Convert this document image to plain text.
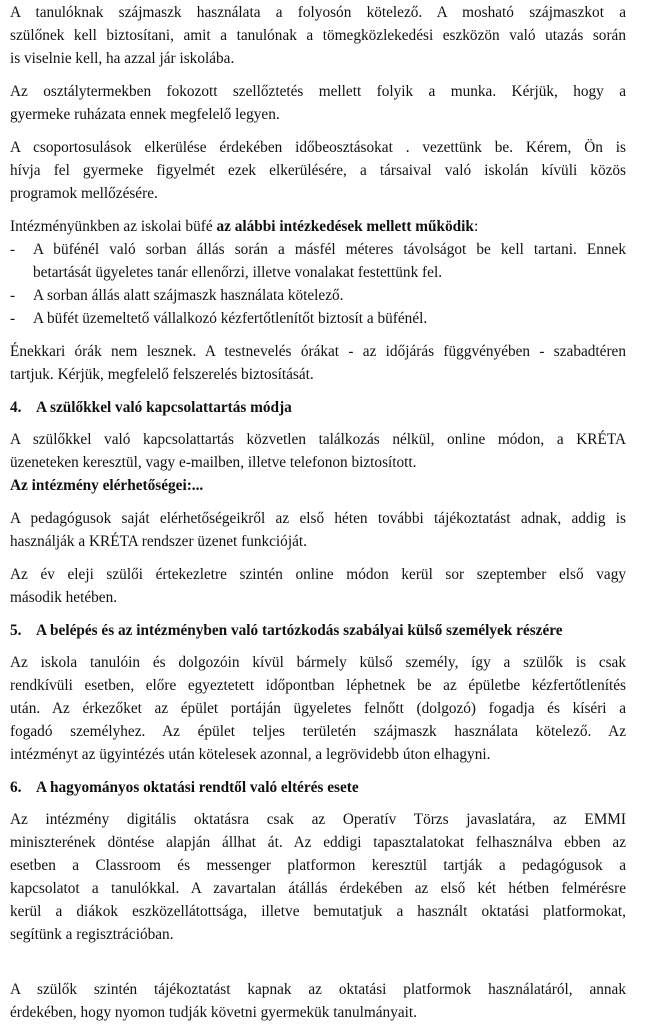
A tanulóknak szájmaszk használata a folyosón kötelező. A mosható szájmaszkot a
szülőnek kell biztosítani, amit a tanulónak a tömegközlekedési eszközön való utazás során
is viselnie kell, ha azzal jár iskolába.

Az osztálytermekben fokozott szellőztetés mellett folyik a munka. Kérjük, hogy a
gyermeke ruházata ennek megfelelő legyen.

A csoportosulások elkerülése érdekében időbeosztásokat . vezettünk be. Kérem, Ön is
hívja fel gyermeke figyelmét ezek elkerülésére, a társaival való iskolán kívüli közös
programok mellőzésére.

Intézményünkben az iskolai büfé az alábbi intézkedések mellett működik:

- A büfénél való sorban állás során a másfél méteres távolságot be kell tartani. Ennek
betartását ügyeletes tanár ellenőrzi, illetve vonalakat festettünk fel.
- A sorban állás alatt szájmaszk használata kötelező.
- A büfét üzemeltető vállalkozó kézfertőtlenítőt biztosít a büfénél.

Énekkari órák nem lesznek. A testnevelés órákat - az időjárás függvényében - szabadtéren
tartjuk. Kérjük, megfelelő felszerelés biztosítását.

4. A szülőkkel való kapcsolattartás módja

A szülőkkel való kapcsolattartás közvetlen találkozás nélkül, online módon, a KRÉTA
üzeneteken keresztül, vagy e-mailben, illetve telefonon biztosított.

Az intézmény elérhetőségei:...

A pedagógusok saját elérhetőségeikről az első héten további tájékoztatást adnak, addig is
használják a KRÉTA rendszer üzenet funkcióját.

Az év eleji szülői értekezletre szintén online módon kerül sor szeptember első vagy
második hetében.

5. A belépés és az intézményben való tartózkodás szabályai külső személyek részére

Az iskola tanulóin és dolgozóin kívül bármely külső személy, így a szülők is csak
rendkívüli esetben, előre egyeztetett időpontban léphetnek be az épületbe kézfertőtlenítés
után. Az érkezőket az épület portáján ügyeletes felnőtt (dolgozó) fogadja és kíséri a
fogadó személyhez. Az épület teljes területén szájmaszk használata kötelező. Az
intézményt az ügyintézés után kötelesek azonnal, a legrövidebb úton elhagyni.

6. A hagyományos oktatási rendtől való eltérés esete

Az intézmény digitális oktatásra csak az Operatív Törzs javaslatára, az EMMI
miniszterének döntése alapján állhat át. Az eddigi tapasztalatokat felhasználva ebben az
esetben a Classroom és messenger platformon keresztül tartják a pedagógusok a
kapcsolatot a tanulókkal. A zavartalan átállás érdekében az első két hétben felmérésre
kerül a diákok eszközellátottsága, illetve bemutatjuk a használt oktatási platformokat,
segítünk a regisztrációban.

A szülők szintén tájékoztatást kapnak az oktatási platformok használatáról, annak
érdekében, hogy nyomon tudják követni gyermekük tanulmányait.
